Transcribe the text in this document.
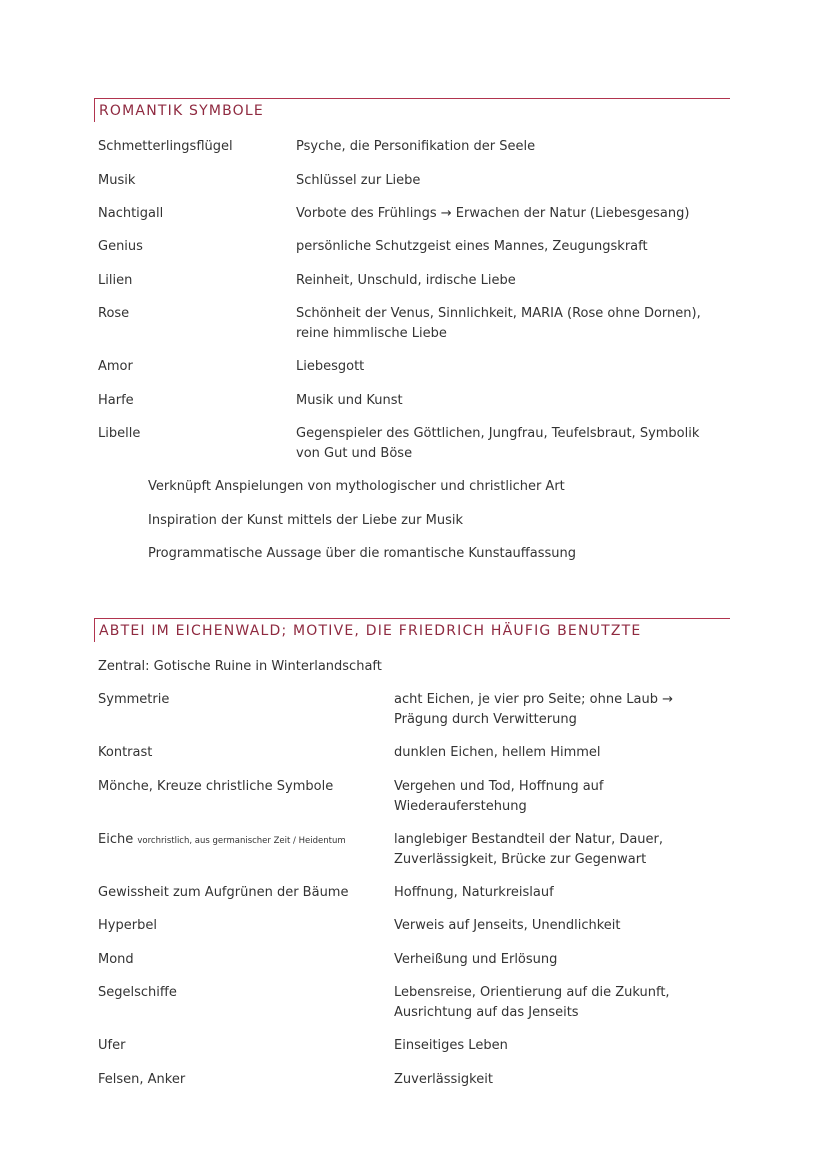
ROMANTIK SYMBOLE
Schmetterlingsflügel	Psyche, die Personifikation der Seele
Musik	Schlüssel zur Liebe
Nachtigall	Vorbote des Frühlings → Erwachen der Natur (Liebesgesang)
Genius	persönliche Schutzgeist eines Mannes, Zeugungskraft
Lilien	Reinheit, Unschuld, irdische Liebe
Rose	Schönheit der Venus, Sinnlichkeit, MARIA (Rose ohne Dornen),
reine himmlische Liebe
Amor	Liebesgott
Harfe	Musik und Kunst
Libelle	Gegenspieler des Göttlichen, Jungfrau, Teufelsbraut, Symbolik
von Gut und Böse
Verknüpft Anspielungen von mythologischer und christlicher Art
Inspiration der Kunst mittels der Liebe zur Musik
Programmatische Aussage über die romantische Kunstauffassung
ABTEI IM EICHENWALD; MOTIVE, DIE FRIEDRICH HÄUFIG BENUTZTE
Zentral: Gotische Ruine in Winterlandschaft
Symmetrie	acht Eichen, je vier pro Seite; ohne Laub →
Prägung durch Verwitterung
Kontrast	dunklen Eichen, hellem Himmel
Mönche, Kreuze christliche Symbole	Vergehen und Tod, Hoffnung auf
Wiederauferstehung
Eiche vorchristlich, aus germanischer Zeit / Heidentum	langlebiger Bestandteil der Natur, Dauer,
Zuverlässigkeit, Brücke zur Gegenwart
Gewissheit zum Aufgrünen der Bäume	Hoffnung, Naturkreislauf
Hyperbel	Verweis auf Jenseits, Unendlichkeit
Mond	Verheißung und Erlösung
Segelschiffe	Lebensreise, Orientierung auf die Zukunft,
Ausrichtung auf das Jenseits
Ufer	Einseitiges Leben
Felsen, Anker	Zuverlässigkeit
